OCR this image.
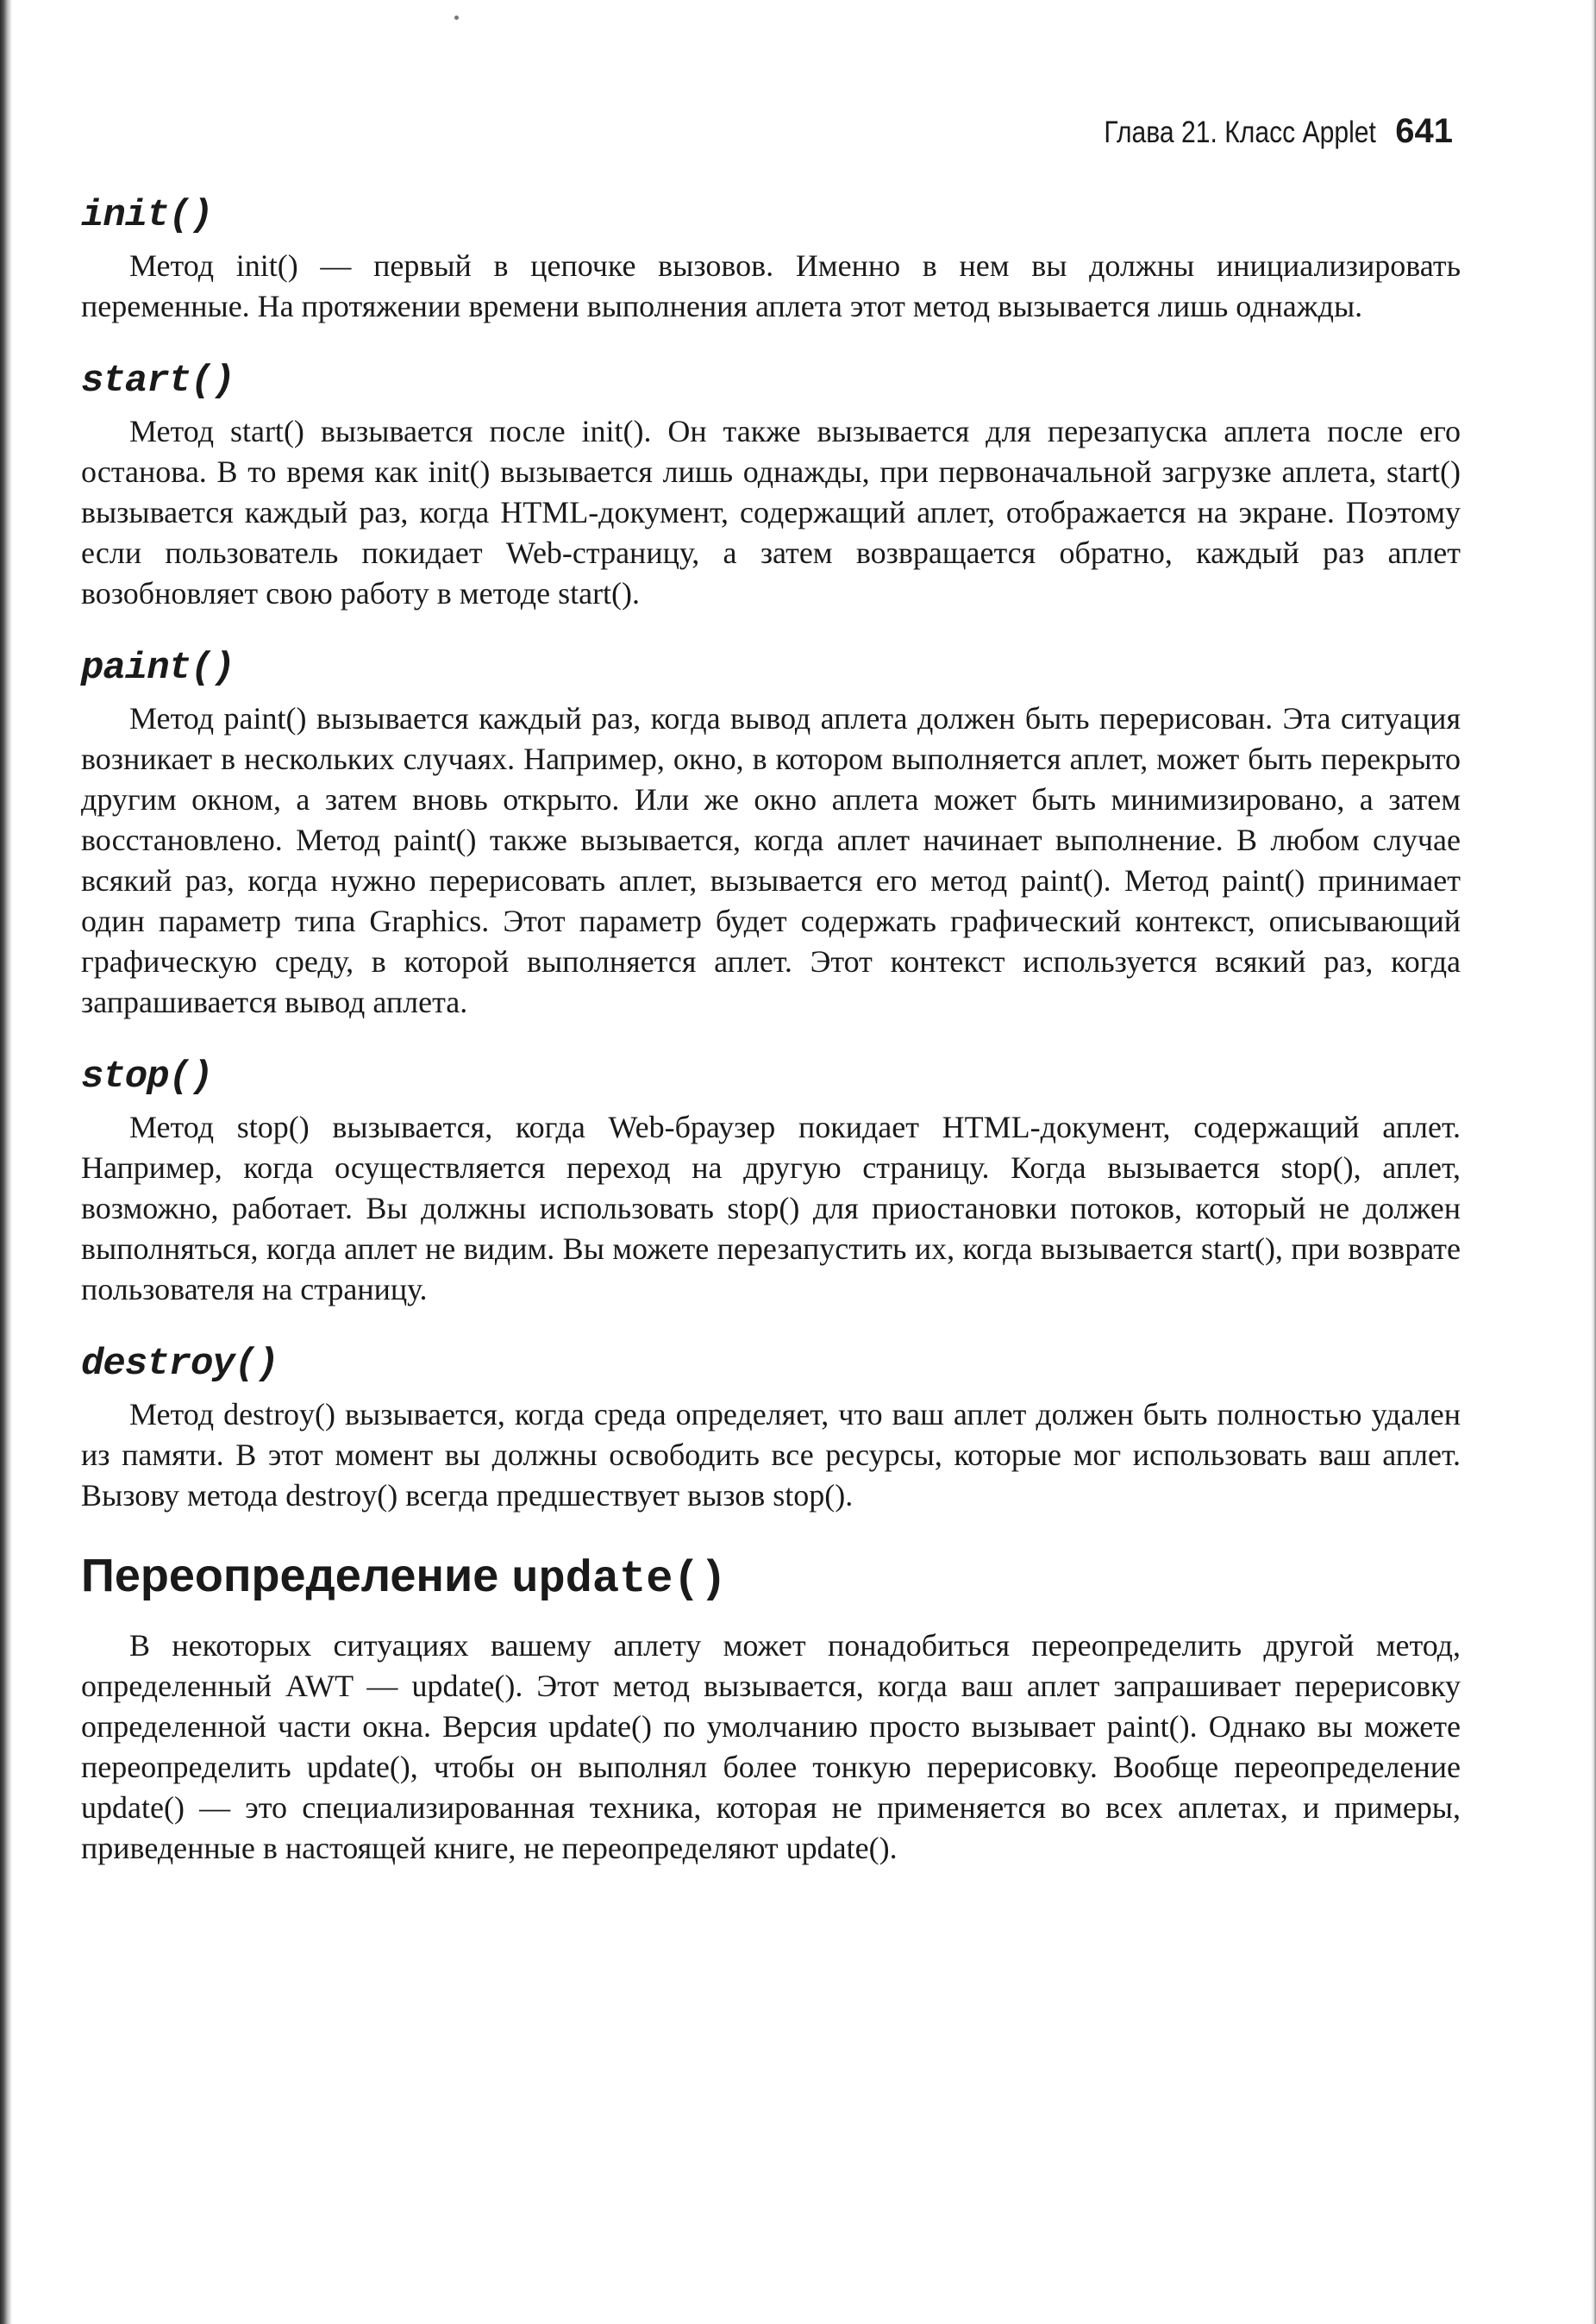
Глава 21. Класс Applet 641
init()

Метод init() — первый в цепочке вызовов. Именно в нем вы должны инициализировать переменные. На протяжении времени выполнения аплета этот метод вызывается лишь однажды.

start()

Метод start() вызывается после init(). Он также вызывается для перезапуска аплета после его останова. В то время как init() вызывается лишь однажды, при первоначальной загрузке аплета, start() вызывается каждый раз, когда HTML-документ, содержащий аплет, отображается на экране. Поэтому если пользователь покидает Web-страницу, а затем возвращается обратно, каждый раз аплет возобновляет свою работу в методе start().

paint()

Метод paint() вызывается каждый раз, когда вывод аплета должен быть перерисован. Эта ситуация возникает в нескольких случаях. Например, окно, в котором выполняется аплет, может быть перекрыто другим окном, а затем вновь открыто. Или же окно аплета может быть минимизировано, а затем восстановлено. Метод paint() также вызывается, когда аплет начинает выполнение. В любом случае всякий раз, когда нужно перерисовать аплет, вызывается его метод paint(). Метод paint() принимает один параметр типа Graphics. Этот параметр будет содержать графический контекст, описывающий графическую среду, в которой выполняется аплет. Этот контекст используется всякий раз, когда запрашивается вывод аплета.

stop()

Метод stop() вызывается, когда Web-браузер покидает HTML-документ, содержащий аплет. Например, когда осуществляется переход на другую страницу. Когда вызывается stop(), аплет, возможно, работает. Вы должны использовать stop() для приостановки потоков, который не должен выполняться, когда аплет не видим. Вы можете перезапустить их, когда вызывается start(), при возврате пользователя на страницу.

destroy()

Метод destroy() вызывается, когда среда определяет, что ваш аплет должен быть полностью удален из памяти. В этот момент вы должны освободить все ресурсы, которые мог использовать ваш аплет. Вызову метода destroy() всегда предшествует вызов stop().

Переопределение update()

В некоторых ситуациях вашему аплету может понадобиться переопределить другой метод, определенный AWT — update(). Этот метод вызывается, когда ваш аплет запрашивает перерисовку определенной части окна. Версия update() по умолчанию просто вызывает paint(). Однако вы можете переопределить update(), чтобы он выполнял более тонкую перерисовку. Вообще переопределение update() — это специализированная техника, которая не применяется во всех аплетах, и примеры, приведенные в настоящей книге, не переопределяют update().
